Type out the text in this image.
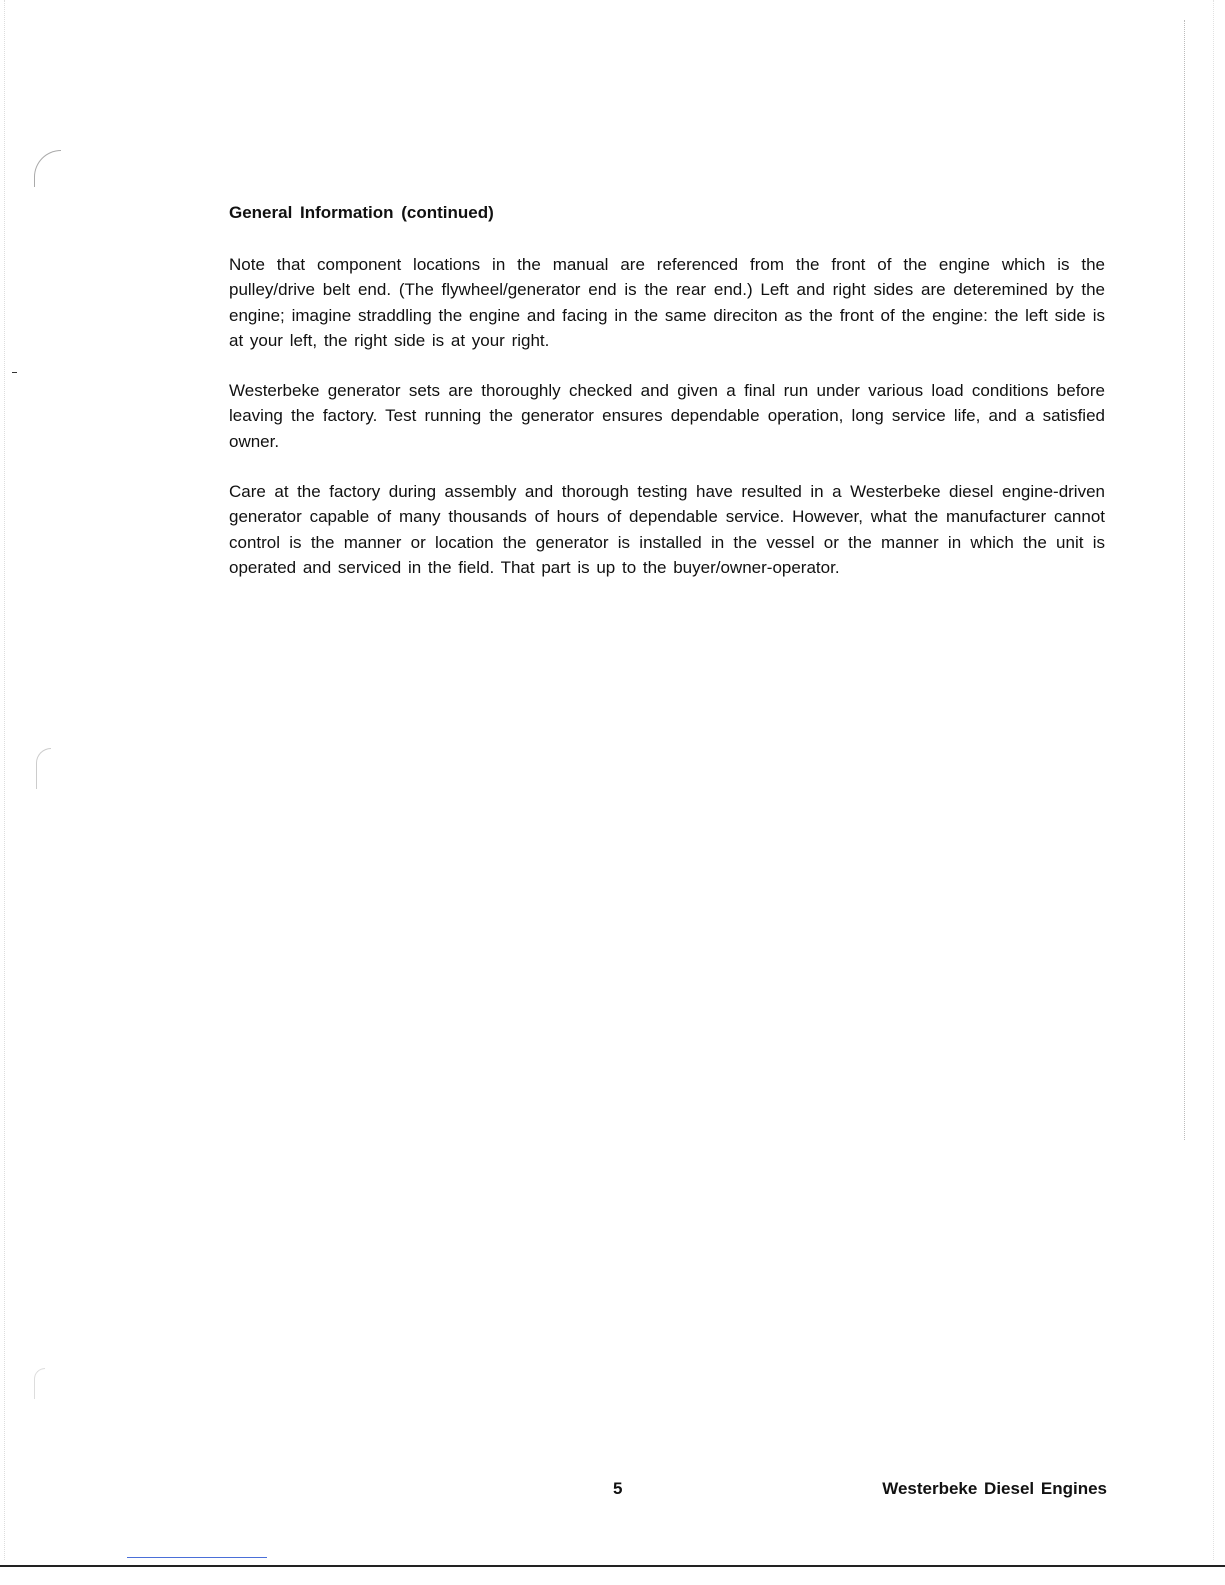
General Information (continued)

Note that component locations in the manual are referenced from the front of the engine which is the pulley/drive belt end. (The flywheel/generator end is the rear end.) Left and right sides are deteremined by the engine; imagine straddling the engine and facing in the same direciton as the front of the engine: the left side is at your left, the right side is at your right.

Westerbeke generator sets are thoroughly checked and given a final run under various load conditions before leaving the factory. Test running the generator ensures dependable operation, long service life, and a satisfied owner.

Care at the factory during assembly and thorough testing have resulted in a Westerbeke diesel engine-driven generator capable of many thousands of hours of dependable service. However, what the manufacturer cannot control is the manner or location the generator is installed in the vessel or the manner in which the unit is operated and serviced in the field. That part is up to the buyer/owner-operator.

5	Westerbeke Diesel Engines
